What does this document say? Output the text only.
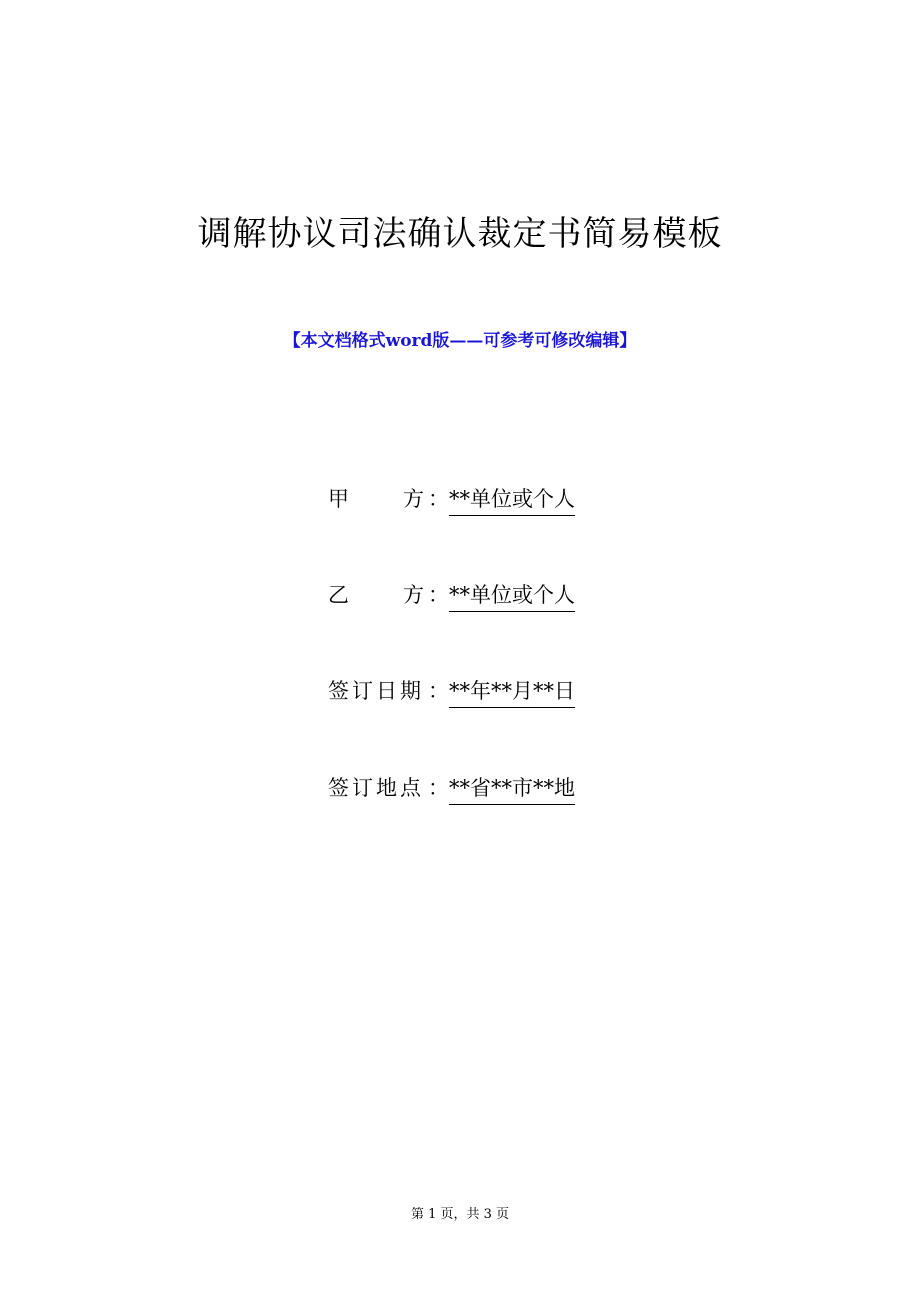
调解协议司法确认裁定书简易模板
【本文档格式word版——可参考可修改编辑】
甲	方 ：**单位或个人
乙	方 ：**单位或个人
签订日期 ：**年**月**日
签订地点 ：**省**市**地
第 1 页，共 3 页
